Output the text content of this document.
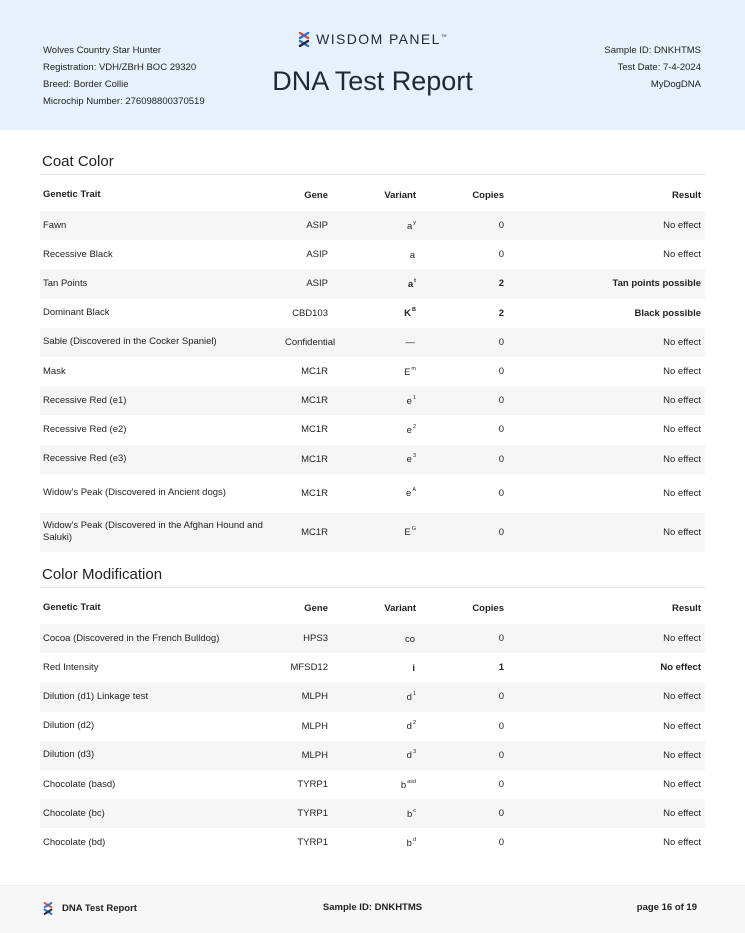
Wolves Country Star Hunter
Registration: VDH/ZBrH BOC 29320
Breed: Border Collie
Microchip Number: 276098800370519
WISDOM PANEL™
DNA Test Report
Sample ID: DNKHTMS
Test Date: 7-4-2024
MyDogDNA
Coat Color
Genetic Trait	Gene	Variant	Copies	Result
Fawn	ASIP	$a^y$	0	No effect
Recessive Black	ASIP	a	0	No effect
Tan Points	ASIP	$a^t$	2	Tan points possible
Dominant Black	CBD103	$K^B$	2	Black possible
Sable (Discovered in the Cocker Spaniel)	Confidential	—	0	No effect
Mask	MC1R	$E^m$	0	No effect
Recessive Red (e1)	MC1R	$e^1$	0	No effect
Recessive Red (e2)	MC1R	$e^2$	0	No effect
Recessive Red (e3)	MC1R	$e^3$	0	No effect
Widow's Peak (Discovered in Ancient dogs)	MC1R	$e^A$	0	No effect
Widow's Peak (Discovered in the Afghan Hound and Saluki)	MC1R	$E^G$	0	No effect
Color Modification
Genetic Trait	Gene	Variant	Copies	Result
Cocoa (Discovered in the French Bulldog)	HPS3	co	0	No effect
Red Intensity	MFSD12	i	1	No effect
Dilution (d1) Linkage test	MLPH	$d^1$	0	No effect
Dilution (d2)	MLPH	$d^2$	0	No effect
Dilution (d3)	MLPH	$d^3$	0	No effect
Chocolate (basd)	TYRP1	$b^{asd}$	0	No effect
Chocolate (bc)	TYRP1	$b^c$	0	No effect
Chocolate (bd)	TYRP1	$b^d$	0	No effect
DNA Test Report	Sample ID: DNKHTMS	page 16 of 19
